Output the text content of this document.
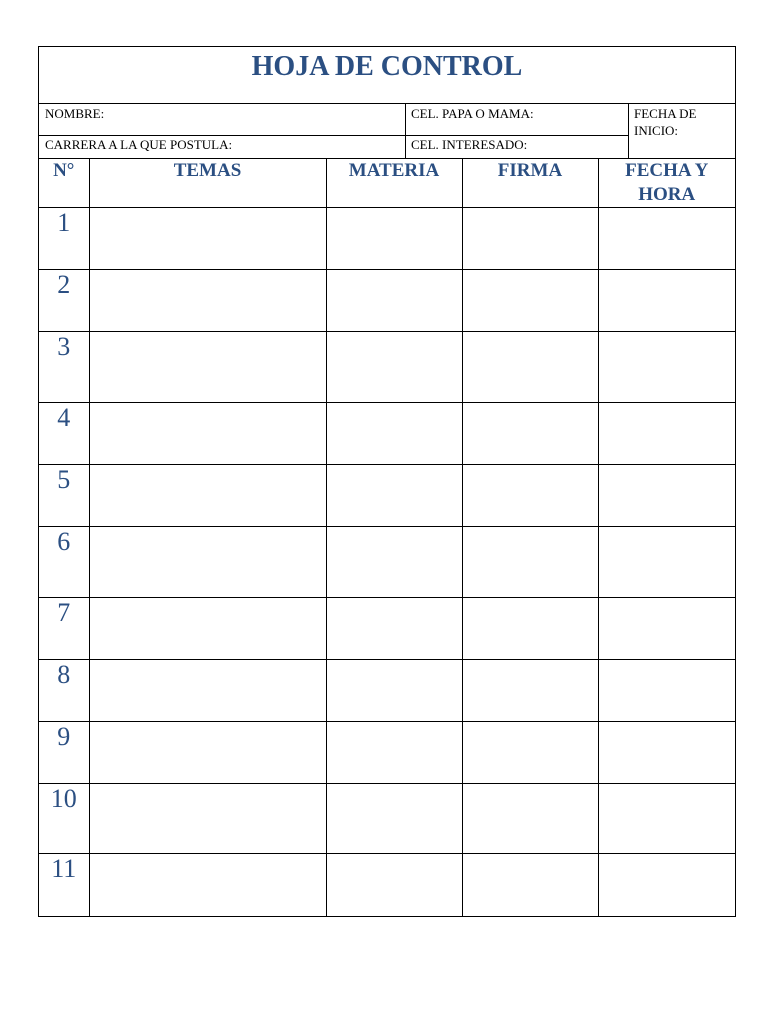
HOJA DE CONTROL
NOMBRE:	CEL. PAPA O MAMA:	FECHA DE INICIO:
CARRERA A LA QUE POSTULA:	CEL. INTERESADO:
N°	TEMAS	MATERIA	FIRMA	FECHA Y HORA
1				
2				
3				
4				
5				
6				
7				
8				
9				
10				
11				
